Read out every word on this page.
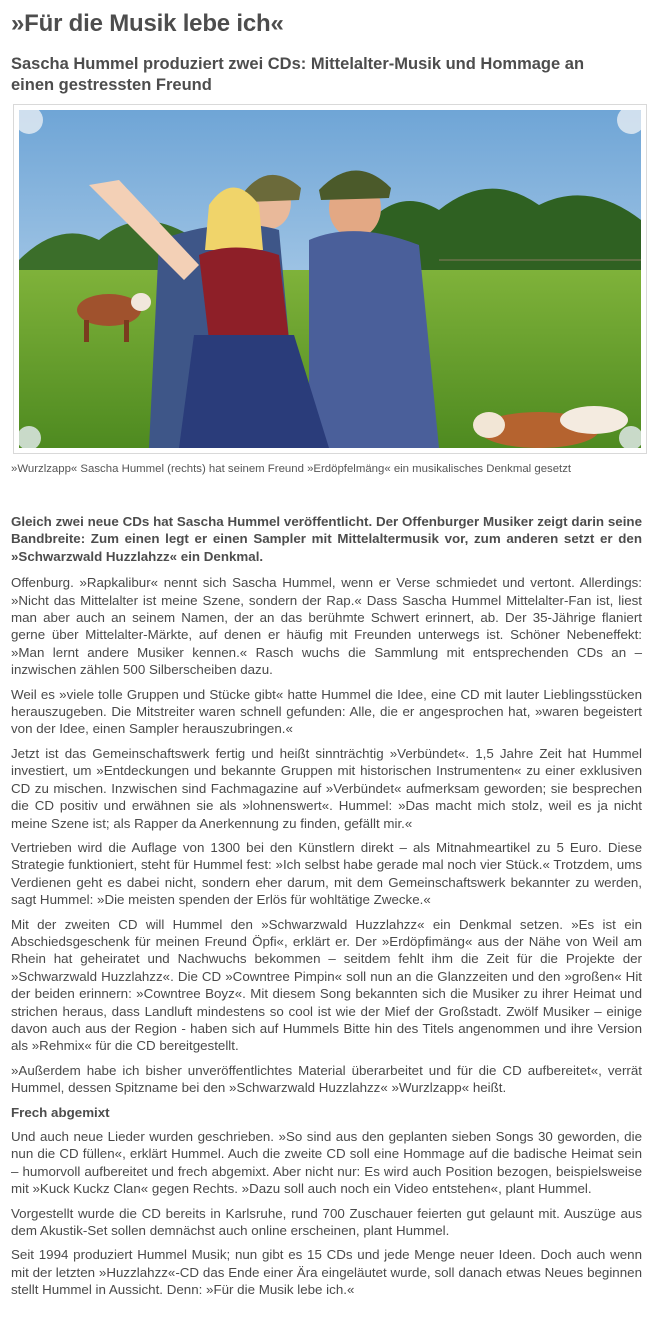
»Für die Musik lebe ich«
Sascha Hummel produziert zwei CDs: Mittelalter-Musik und Hommage an einen gestressten Freund
»Wurzlzapp« Sascha Hummel (rechts) hat seinem Freund »Erdöpfelmäng« ein musikalisches Denkmal gesetzt

Gleich zwei neue CDs hat Sascha Hummel veröffentlicht. Der Offenburger Musiker zeigt darin seine Bandbreite: Zum einen legt er einen Sampler mit Mittelaltermusik vor, zum anderen setzt er den »Schwarzwald Huzzlahzz« ein Denkmal.

Offenburg. »Rapkalibur« nennt sich Sascha Hummel, wenn er Verse schmiedet und vertont. Allerdings: »Nicht das Mittelalter ist meine Szene, sondern der Rap.« Dass Sascha Hummel Mittelalter-Fan ist, liest man aber auch an seinem Namen, der an das berühmte Schwert erinnert, ab. Der 35-Jährige flaniert gerne über Mittelalter-Märkte, auf denen er häufig mit Freunden unterwegs ist. Schöner Nebeneffekt: »Man lernt andere Musiker kennen.« Rasch wuchs die Sammlung mit entsprechenden CDs an – inzwischen zählen 500 Silberscheiben dazu.

Weil es »viele tolle Gruppen und Stücke gibt« hatte Hummel die Idee, eine CD mit lauter Lieblingsstücken herauszugeben. Die Mitstreiter waren schnell gefunden: Alle, die er angesprochen hat, »waren begeistert von der Idee, einen Sampler herauszubringen.«

Jetzt ist das Gemeinschaftswerk fertig und heißt sinnträchtig »Verbündet«. 1,5 Jahre Zeit hat Hummel investiert, um »Entdeckungen und bekannte Gruppen mit historischen Instrumenten« zu einer exklusiven CD zu mischen. Inzwischen sind Fachmagazine auf »Verbündet« aufmerksam geworden; sie besprechen die CD positiv und erwähnen sie als »lohnenswert«. Hummel: »Das macht mich stolz, weil es ja nicht meine Szene ist; als Rapper da Anerkennung zu finden, gefällt mir.«

Vertrieben wird die Auflage von 1300 bei den Künstlern direkt – als Mitnahmeartikel zu 5 Euro. Diese Strategie funktioniert, steht für Hummel fest: »Ich selbst habe gerade mal noch vier Stück.« Trotzdem, ums Verdienen geht es dabei nicht, sondern eher darum, mit dem Gemeinschaftswerk bekannter zu werden, sagt Hummel: »Die meisten spenden der Erlös für wohltätige Zwecke.«

Mit der zweiten CD will Hummel den »Schwarzwald Huzzlahzz« ein Denkmal setzen. »Es ist ein Abschiedsgeschenk für meinen Freund Öpfi«, erklärt er. Der »Erdöpfimäng« aus der Nähe von Weil am Rhein hat geheiratet und Nachwuchs bekommen – seitdem fehlt ihm die Zeit für die Projekte der »Schwarzwald Huzzlahzz«. Die CD »Cowntree Pimpin« soll nun an die Glanzzeiten und den »großen« Hit der beiden erinnern: »Cowntree Boyz«. Mit diesem Song bekannten sich die Musiker zu ihrer Heimat und strichen heraus, dass Landluft mindestens so cool ist wie der Mief der Großstadt. Zwölf Musiker – einige davon auch aus der Region - haben sich auf Hummels Bitte hin des Titels angenommen und ihre Version als »Rehmix« für die CD bereitgestellt.

»Außerdem habe ich bisher unveröffentlichtes Material überarbeitet und für die CD aufbereitet«, verrät Hummel, dessen Spitzname bei den »Schwarzwald Huzzlahzz« »Wurzlzapp« heißt.

Frech abgemixt

Und auch neue Lieder wurden geschrieben. »So sind aus den geplanten sieben Songs 30 geworden, die nun die CD füllen«, erklärt Hummel. Auch die zweite CD soll eine Hommage auf die badische Heimat sein – humorvoll aufbereitet und frech abgemixt. Aber nicht nur: Es wird auch Position bezogen, beispielsweise mit »Kuck Kuckz Clan« gegen Rechts. »Dazu soll auch noch ein Video entstehen«, plant Hummel.

Vorgestellt wurde die CD bereits in Karlsruhe, rund 700 Zuschauer feierten gut gelaunt mit. Auszüge aus dem Akustik-Set sollen demnächst auch online erscheinen, plant Hummel.

Seit 1994 produziert Hummel Musik; nun gibt es 15 CDs und jede Menge neuer Ideen. Doch auch wenn mit der letzten »Huzzlahzz«-CD das Ende einer Ära eingeläutet wurde, soll danach etwas Neues beginnen stellt Hummel in Aussicht. Denn: »Für die Musik lebe ich.«
